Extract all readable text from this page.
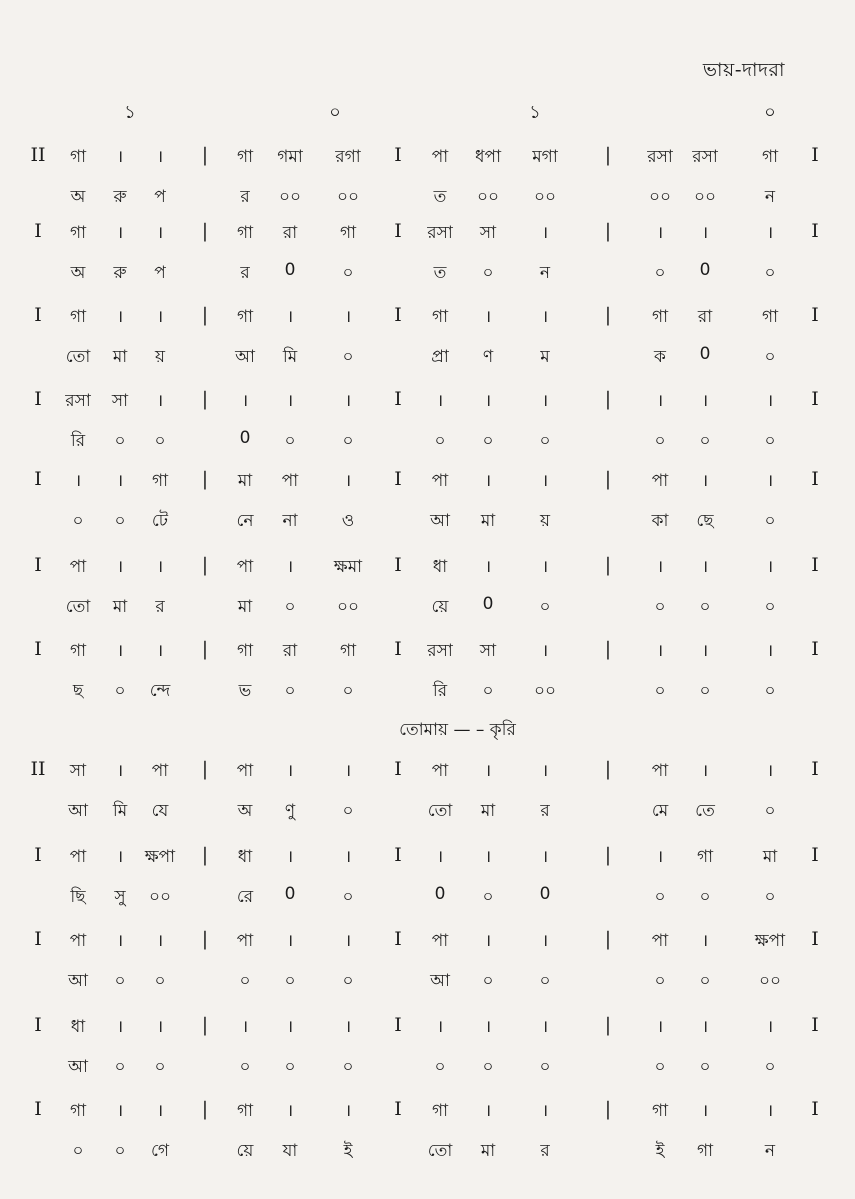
ভায়-দাদরা
১	০	১	০
II গা । । | গা গমা রগা I পা ধপা মগা | রসা রসা	গা I
অ রু প	র ০০ ০০	ত ০০ ০০	০০ ০০	ন
I গা । । | গা রা	গা I রসা সা	।	|	। ।	। I
অ রু প	র 0	০	ত ০	ন	০ 0	০
I গা । । | গা ।	। I গা ।	।	| গা রা	গা I
তো মা য়	আ মি	০	প্রা ণ	ম	ক 0	০
I রসা সা । | । ।	। I । ।	।	|	। ।	। I
রি ০ ০	0 ০	০	০ ০	০	০ ০	০
I । । গা | মা পা	। I পা ।	।	| পা ।	। I
০ ০ টে	নে না	ও	আ মা	য়	কা ছে	০
I পা । । | পা । ক্ষমা I ধা ।	।	|	। ।	। I
তো মা র	মা ০ ০০	য়ে 0	০	০ ০	০
I গা । । | গা রা	গা I রসা সা	।	|	। ।	। I
ছ ০ ন্দে	ভ ০	০	রি ০ ০০	০ ০	০
II সা । পা | পা ।	। I পা ।	।	| পা ।	। I
আ মি যে	অ ণু	০	তো মা	র	মে তে	০
I পা । ক্ষপা | ধা ।	। I । ।	।	|	। গা	মা I
ছি সু ০০	রে 0	০	0 ০	0	০ ০	০
I পা । । | পা ।	। I পা ।	।	| পা ।	ক্ষপা I
আ ০ ০	০ ০	০	আ ০	০	০ ০	০০
I ধা । । | । ।	। I । ।	।	|	। ।	। I
আ ০ ০	০ ০	০	০ ০	০	০ ০	০
I গা । । | গা ।	। I গা ।	।	| গা ।	। I
০ ০ গে	য়ে যা	ই	তো মা	র	ই গা	ন
তোমায় — – কৃরি
